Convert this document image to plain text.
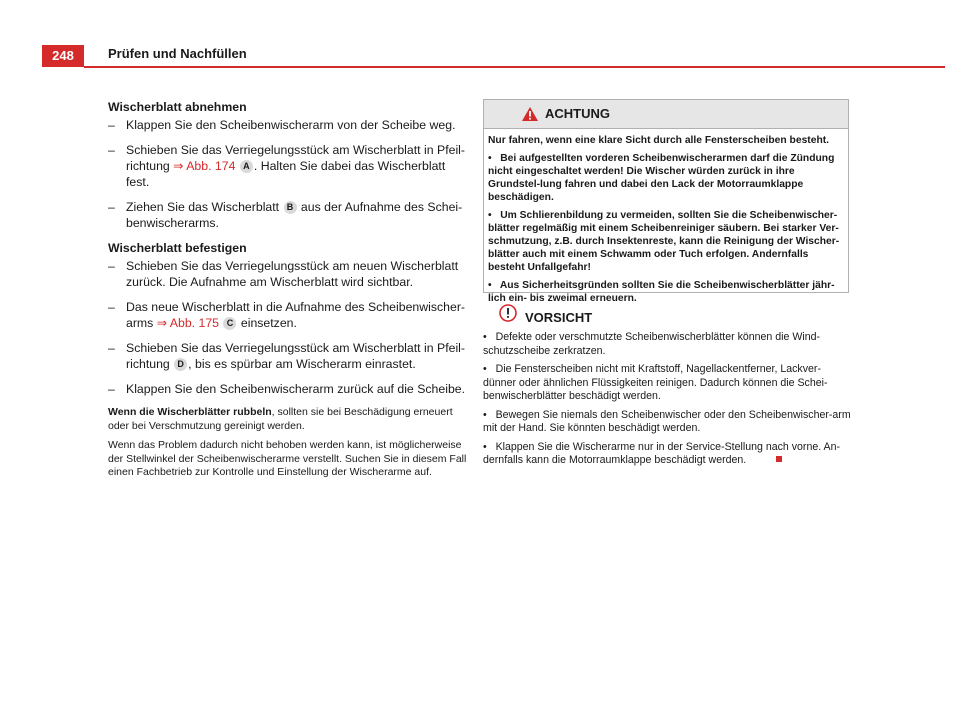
248	Prüfen und Nachfüllen
Wischerblatt abnehmen
– Klappen Sie den Scheibenwischerarm von der Scheibe weg.
– Schieben Sie das Verriegelungsstück am Wischerblatt in Pfeil-richtung ⇒ Abb. 174 A . Halten Sie dabei das Wischerblatt fest.
– Ziehen Sie das Wischerblatt B aus der Aufnahme des Schei-benwischerarms.
Wischerblatt befestigen
– Schieben Sie das Verriegelungsstück am neuen Wischerblatt zurück. Die Aufnahme am Wischerblatt wird sichtbar.
– Das neue Wischerblatt in die Aufnahme des Scheibenwischer-arms ⇒ Abb. 175 C einsetzen.
– Schieben Sie das Verriegelungsstück am Wischerblatt in Pfeil-richtung D , bis es spürbar am Wischerarm einrastet.
– Klappen Sie den Scheibenwischerarm zurück auf die Scheibe.
Wenn die Wischerblätter rubbeln, sollten sie bei Beschädigung erneuert oder bei Verschmutzung gereinigt werden.
Wenn das Problem dadurch nicht behoben werden kann, ist möglicherweise der Stellwinkel der Scheibenwischerarme verstellt. Suchen Sie in diesem Fall einen Fachbetrieb zur Kontrolle und Einstellung der Wischerarme auf.
ACHTUNG

Nur fahren, wenn eine klare Sicht durch alle Fensterscheiben besteht.

• Bei aufgestellten vorderen Scheibenwischerarmen darf die Zündung nicht eingeschaltet werden! Die Wischer würden zurück in ihre Grundstel-lung fahren und dabei den Lack der Motorraumklappe beschädigen.

• Um Schlierenbildung zu vermeiden, sollten Sie die Scheibenwischer-blätter regelmäßig mit einem Scheibenreiniger säubern. Bei starker Ver-schmutzung, z.B. durch Insektenreste, kann die Reinigung der Wischer-blätter auch mit einem Schwamm oder Tuch erfolgen. Andernfalls besteht Unfallgefahr!

• Aus Sicherheitsgründen sollten Sie die Scheibenwischerblätter jähr-lich ein- bis zweimal erneuern.

VORSICHT

• Defekte oder verschmutzte Scheibenwischerblätter können die Wind-schutzscheibe zerkratzen.

• Die Fensterscheiben nicht mit Kraftstoff, Nagellackentferner, Lackver-dünner oder ähnlichen Flüssigkeiten reinigen. Dadurch können die Schei-benwischerblätter beschädigt werden.

• Bewegen Sie niemals den Scheibenwischer oder den Scheibenwischer-arm mit der Hand. Sie könnten beschädigt werden.

• Klappen Sie die Wischerarme nur in der Service-Stellung nach vorne. An-dernfalls kann die Motorraumklappe beschädigt werden.
